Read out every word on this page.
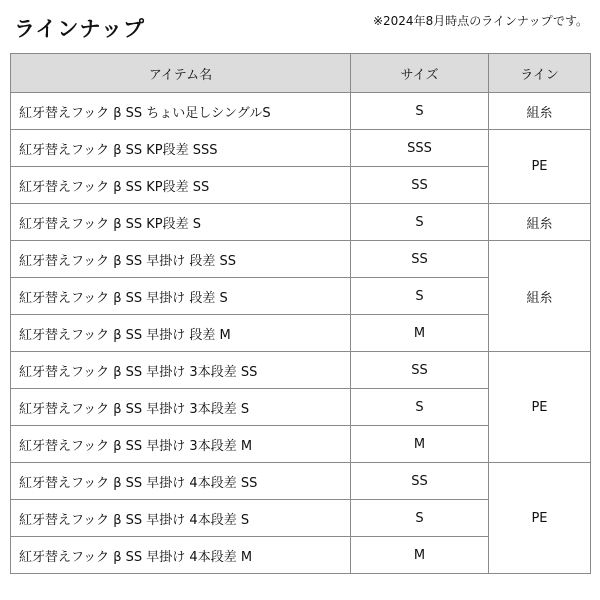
ラインナップ	※2024年8月時点のラインナップです。
アイテム名	サイズ	ライン
紅牙替えフック β SS ちょい足しシングルS	S	組糸
紅牙替えフック β SS KP段差 SSS	SSS	PE
紅牙替えフック β SS KP段差 SS	SS	
紅牙替えフック β SS KP段差 S	S	組糸
紅牙替えフック β SS 早掛け 段差 SS	SS	組糸
紅牙替えフック β SS 早掛け 段差 S	S	
紅牙替えフック β SS 早掛け 段差 M	M	
紅牙替えフック β SS 早掛け 3本段差 SS	SS	PE
紅牙替えフック β SS 早掛け 3本段差 S	S	
紅牙替えフック β SS 早掛け 3本段差 M	M	
紅牙替えフック β SS 早掛け 4本段差 SS	SS	PE
紅牙替えフック β SS 早掛け 4本段差 S	S	
紅牙替えフック β SS 早掛け 4本段差 M	M	
